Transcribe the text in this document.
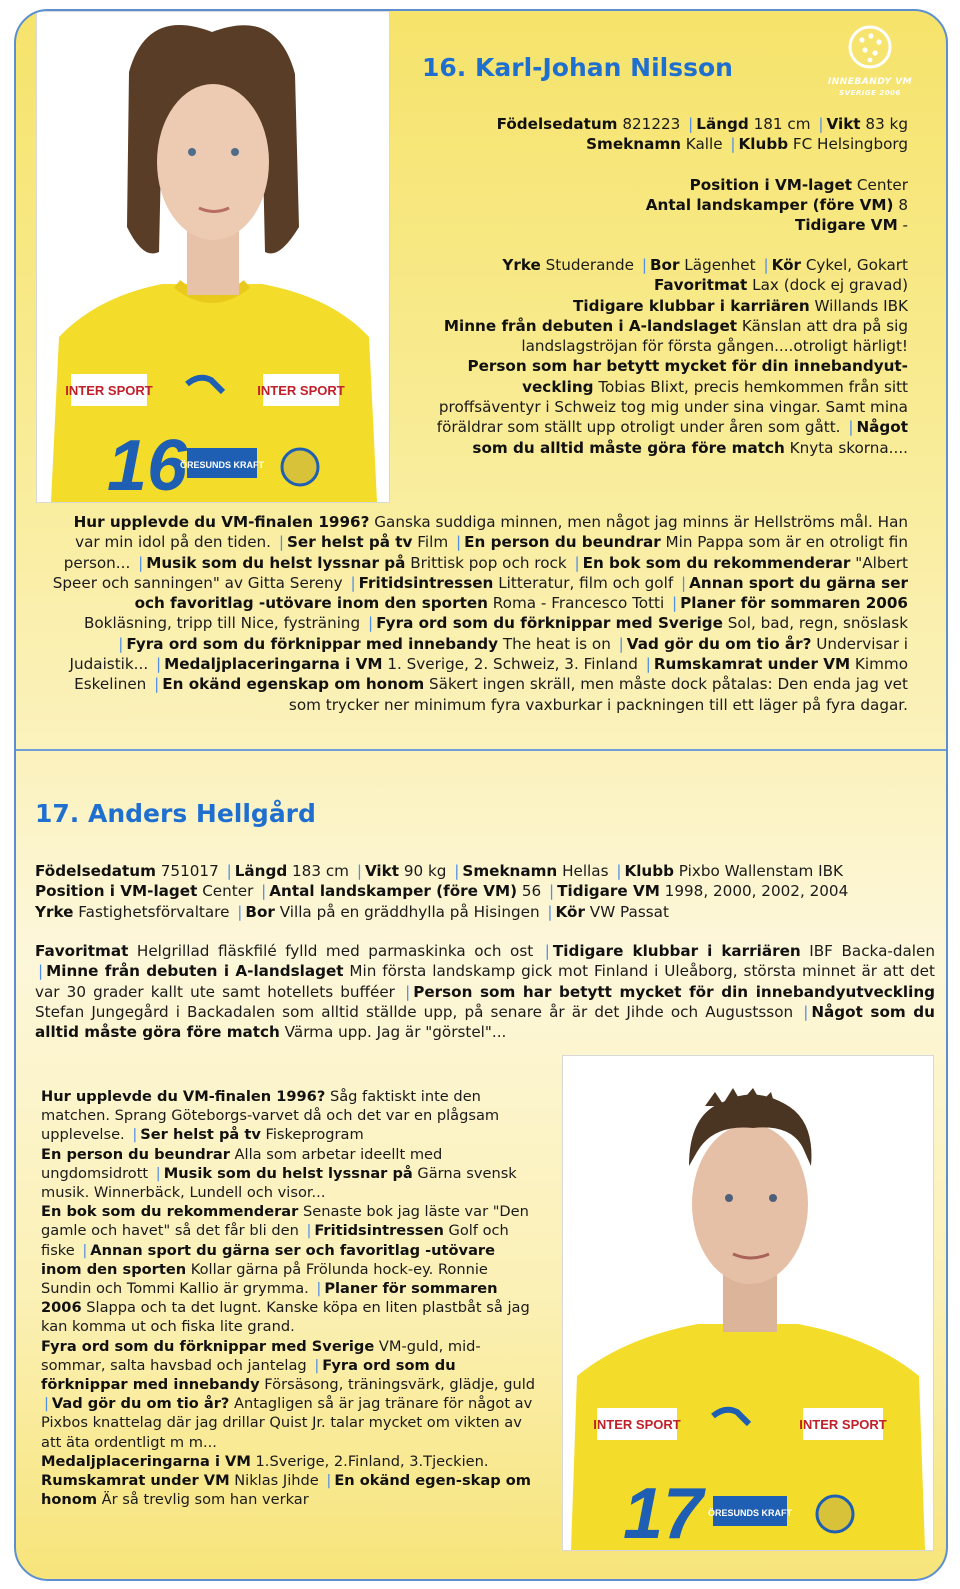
INNEBANDY VM
SVERIGE 2006
INTER SPORT	INTER SPORT
16
ÖRESUNDS KRAFT
16. Karl-Johan Nilsson

Födelsedatum 821223 | Längd 181 cm | Vikt 83 kg

Smeknamn Kalle | Klubb FC Helsingborg

Position i VM-laget Center

Antal landskamper (före VM) 8

Tidigare VM -

Yrke Studerande | Bor Lägenhet | Kör Cykel, Gokart

Favoritmat Lax (dock ej gravad)

Tidigare klubbar i karriären Willands IBK

Minne från debuten i A-landslaget Känslan att dra på sig landslagströjan för första gången....otroligt härligt!

Person som har betytt mycket för din innebandyut-veckling Tobias Blixt, precis hemkommen från sitt proffsäventyr i Schweiz tog mig under sina vingar. Samt mina föräldrar som ställt upp otroligt under åren som gått. | Något som du alltid måste göra före match Knyta skorna....

Hur upplevde du VM-finalen 1996? Ganska suddiga minnen, men något jag minns är Hellströms mål. Han var min idol på den tiden. | Ser helst på tv Film | En person du beundrar Min Pappa som är en otroligt fin person... | Musik som du helst lyssnar på Brittisk pop och rock | En bok som du rekommenderar "Albert Speer och sanningen" av Gitta Sereny | Fritidsintressen Litteratur, film och golf | Annan sport du gärna ser och favoritlag -utövare inom den sporten Roma - Francesco Totti | Planer för sommaren 2006 Bokläsning, tripp till Nice, fysträning | Fyra ord som du förknippar med Sverige Sol, bad, regn, snöslask | Fyra ord som du förknippar med innebandy The heat is on | Vad gör du om tio år? Undervisar i Judaistik... | Medaljplaceringarna i VM 1. Sverige, 2. Schweiz, 3. Finland | Rumskamrat under VM Kimmo Eskelinen | En okänd egenskap om honom Säkert ingen skräll, men måste dock påtalas: Den enda jag vet som trycker ner minimum fyra vaxburkar i packningen till ett läger på fyra dagar.

17. Anders Hellgård

Födelsedatum 751017 | Längd 183 cm | Vikt 90 kg | Smeknamn Hellas | Klubb Pixbo Wallenstam IBK

Position i VM-laget Center | Antal landskamper (före VM) 56 | Tidigare VM 1998, 2000, 2002, 2004

Yrke Fastighetsförvaltare | Bor Villa på en gräddhylla på Hisingen | Kör VW Passat

Favoritmat Helgrillad fläskfilé fylld med parmaskinka och ost | Tidigare klubbar i karriären IBF Backa-dalen | Minne från debuten i A-landslaget Min första landskamp gick mot Finland i Uleåborg, största minnet är att det var 30 grader kallt ute samt hotellets bufféer | Person som har betytt mycket för din innebandyutveckling Stefan Jungegård i Backadalen som alltid ställde upp, på senare år är det Jihde och Augustsson | Något som du alltid måste göra före match Värma upp. Jag är "görstel"...

Hur upplevde du VM-finalen 1996? Såg faktiskt inte den matchen. Sprang Göteborgs-varvet då och det var en plågsam upplevelse. | Ser helst på tv Fiskeprogram
En person du beundrar Alla som arbetar ideellt med ungdomsidrott | Musik som du helst lyssnar på Gärna svensk musik. Winnerbäck, Lundell och visor...
En bok som du rekommenderar Senaste bok jag läste var "Den gamle och havet" så det får bli den | Fritidsintressen Golf och fiske | Annan sport du gärna ser och favoritlag -utövare inom den sporten Kollar gärna på Frölunda hock-ey. Ronnie Sundin och Tommi Kallio är grymma. | Planer för sommaren 2006 Slappa och ta det lugnt. Kanske köpa en liten plastbåt så jag kan komma ut och fiska lite grand.
Fyra ord som du förknippar med Sverige VM-guld, mid-sommar, salta havsbad och jantelag | Fyra ord som du förknippar med innebandy Försäsong, träningsvärk, glädje, guld | Vad gör du om tio år? Antagligen så är jag tränare för något av Pixbos knattelag där jag drillar Quist Jr. talar mycket om vikten av att äta ordentligt m m...
Medaljplaceringarna i VM 1.Sverige, 2.Finland, 3.Tjeckien.
Rumskamrat under VM Niklas Jihde | En okänd egen-skap om honom Är så trevlig som han verkar

INTER SPORT	INTER SPORT
17 ÖRESUNDS KRAFT
